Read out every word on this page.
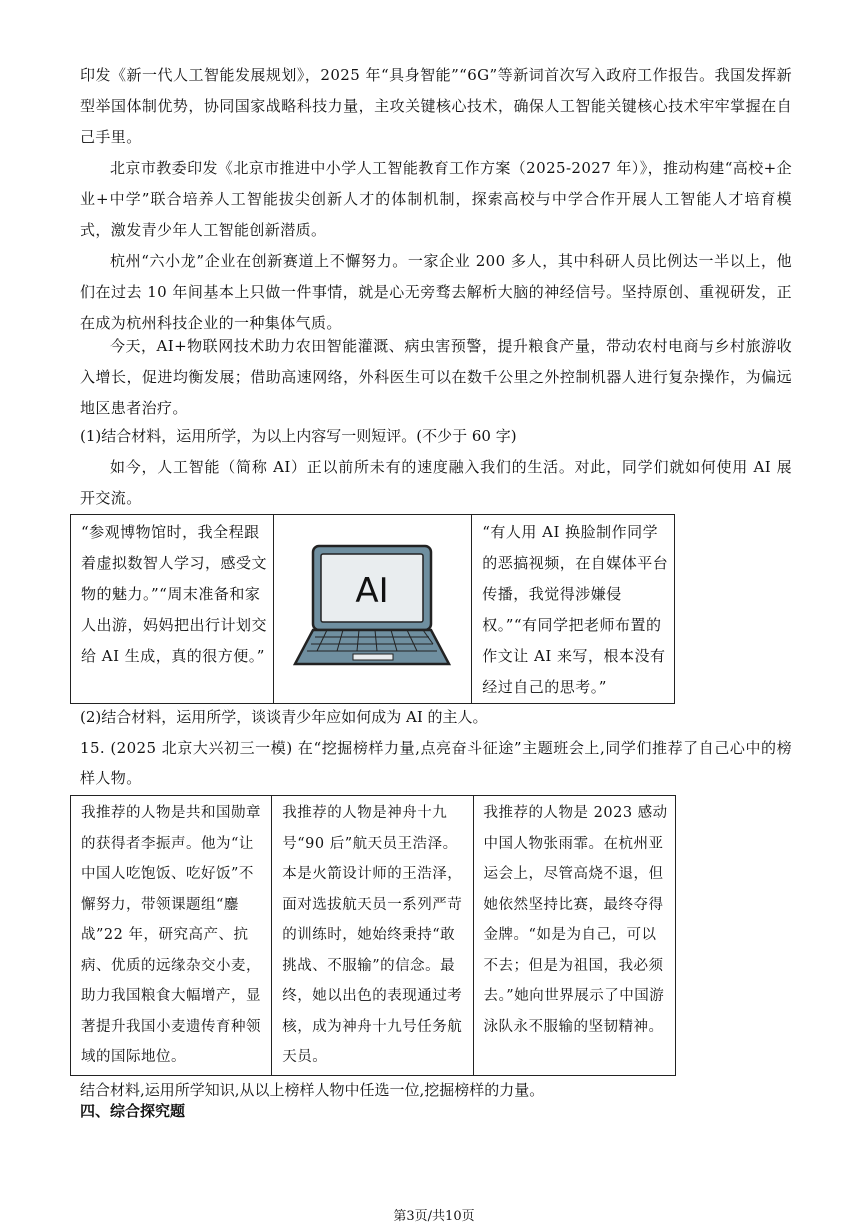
印发《新一代人工智能发展规划》，2025 年“具身智能”“6G”等新词首次写入政府工作报告。我国发挥新型举国体制优势，协同国家战略科技力量，主攻关键核心技术，确保人工智能关键核心技术牢牢掌握在自己手里。

北京市教委印发《北京市推进中小学人工智能教育工作方案（2025-2027 年）》，推动构建“高校+企业+中学”联合培养人工智能拔尖创新人才的体制机制，探索高校与中学合作开展人工智能人才培育模式，激发青少年人工智能创新潜质。

杭州“六小龙”企业在创新赛道上不懈努力。一家企业 200 多人，其中科研人员比例达一半以上，他们在过去 10 年间基本上只做一件事情，就是心无旁骛去解析大脑的神经信号。坚持原创、重视研发，正在成为杭州科技企业的一种集体气质。

今天，AI+物联网技术助力农田智能灌溉、病虫害预警，提升粮食产量，带动农村电商与乡村旅游收入增长，促进均衡发展；借助高速网络，外科医生可以在数千公里之外控制机器人进行复杂操作，为偏远地区患者治疗。

(1)结合材料，运用所学，为以上内容写一则短评。(不少于 60 字)

如今，人工智能（简称 AI）正以前所未有的速度融入我们的生活。对此，同学们就如何使用 AI 展开交流。

“参观博物馆时，我全程跟着虚拟数智人学习，感受文物的魅力。”“周末准备和家人出游，妈妈把出行计划交给 AI 生成，真的很方便。”

AI

“有人用 AI 换脸制作同学的恶搞视频，在自媒体平台传播，我觉得涉嫌侵权。”“有同学把老师布置的作文让 AI 来写，根本没有经过自己的思考。”

(2)结合材料，运用所学，谈谈青少年应如何成为 AI 的主人。

15. (2025 北京大兴初三一模) 在“挖掘榜样力量,点亮奋斗征途”主题班会上,同学们推荐了自己心中的榜样人物。

我推荐的人物是共和国勋章的获得者李振声。他为“让中国人吃饱饭、吃好饭”不懈努力，带领课题组“鏖战”22 年，研究高产、抗病、优质的远缘杂交小麦，助力我国粮食大幅增产，显著提升我国小麦遗传育种领域的国际地位。

我推荐的人物是神舟十九号“90 后”航天员王浩泽。本是火箭设计师的王浩泽，面对选拔航天员一系列严苛的训练时，她始终秉持“敢挑战、不服输”的信念。最终，她以出色的表现通过考核，成为神舟十九号任务航天员。

我推荐的人物是 2023 感动中国人物张雨霏。在杭州亚运会上，尽管高烧不退，但她依然坚持比赛，最终夺得金牌。“如是为自己，可以不去；但是为祖国，我必须去。”她向世界展示了中国游泳队永不服输的坚韧精神。

结合材料,运用所学知识,从以上榜样人物中任选一位,挖掘榜样的力量。

四、综合探究题

第3页/共10页
